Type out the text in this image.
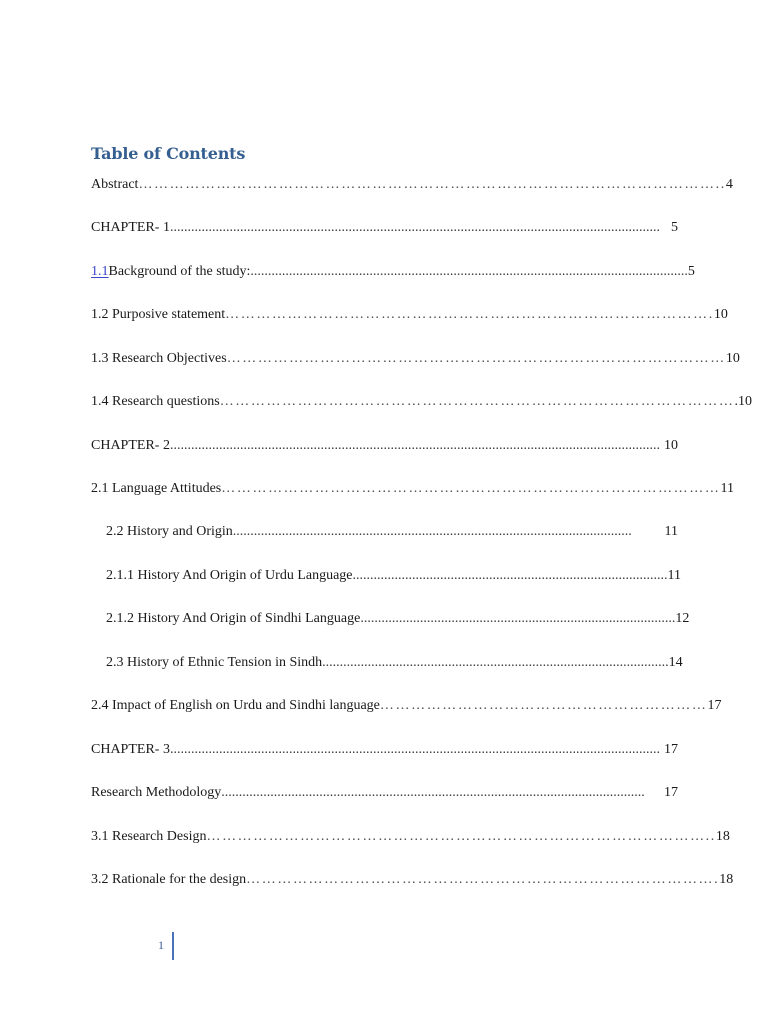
Table of Contents
Abstract ………………………………………………………………………………………………….. 4
CHAPTER- 1 ............................................................................................................................................ 5
1.1 Background of the study: ............................................................................................................................. 5
1.2 Purposive statement …………………………………………………………………………………. 10
1.3 Research Objectives …………………………………………………………………………………… 10
1.4 Research questions ……………………………………………………………………………………… .10
CHAPTER- 2 ............................................................................................................................................ 10
2.1 Language Attitudes …………………………………………………………………………………… 11
2.2 History and Origin ..................................................................................................................	11
2.1.1 History And Origin of Urdu Language .......................................................................................... 11
2.1.2 History And Origin of Sindhi Language .......................................................................................... 12
2.3 History of Ethnic Tension in Sindh ................................................................................................... 14
2.4 Impact of English on Urdu and Sindhi language ……………………………………………………… 17
CHAPTER- 3 ............................................................................................................................................ 17
Research Methodology .........................................................................................................................	17
3.1 Research Design …………………………………………………………………………………….. 18
3.2 Rationale for the design ………………………………………………………………………………. 18
1
